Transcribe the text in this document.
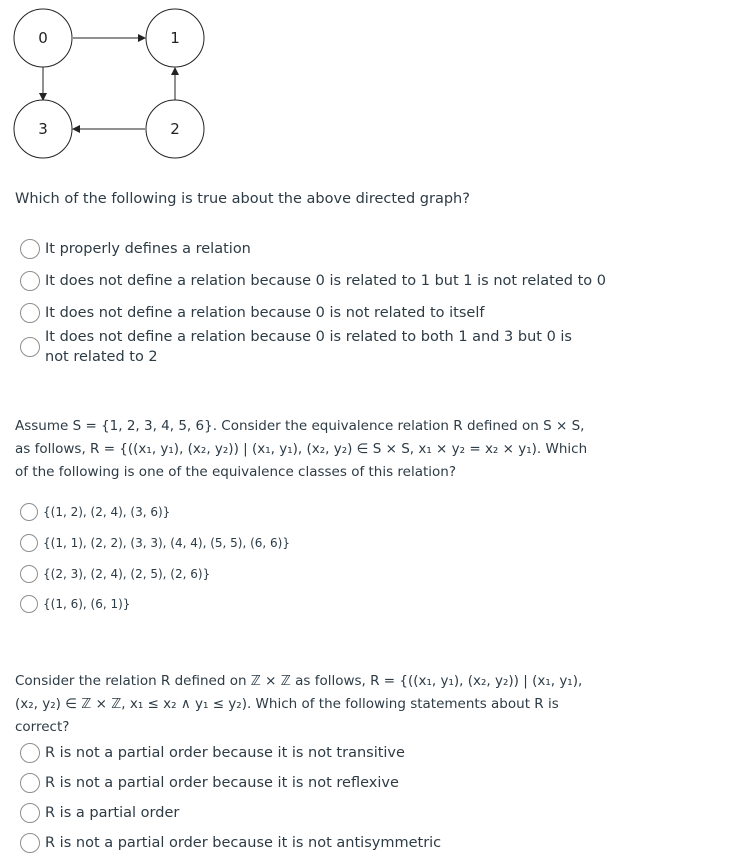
0	1
2
3
Which of the following is true about the above directed graph?
It properly defines a relation
It does not define a relation because 0 is related to 1 but 1 is not related to 0
It does not define a relation because 0 is not related to itself
It does not define a relation because 0 is related to both 1 and 3 but 0 is not related to 2
Assume S = {1, 2, 3, 4, 5, 6}. Consider the equivalence relation R defined on S × S, as follows, R = {((x₁, y₁), (x₂, y₂)) | (x₁, y₁), (x₂, y₂) ∈ S × S, x₁ × y₂ = x₂ × y₁). Which of the following is one of the equivalence classes of this relation?
{(1, 2), (2, 4), (3, 6)}
{(1, 1), (2, 2), (3, 3), (4, 4), (5, 5), (6, 6)}
{(2, 3), (2, 4), (2, 5), (2, 6)}
{(1, 6), (6, 1)}
Consider the relation R defined on ℤ × ℤ as follows, R = {((x₁, y₁), (x₂, y₂)) | (x₁, y₁), (x₂, y₂) ∈ ℤ × ℤ, x₁ ≤ x₂ ∧ y₁ ≤ y₂). Which of the following statements about R is correct?
R is not a partial order because it is not transitive
R is not a partial order because it is not reflexive
R is a partial order
R is not a partial order because it is not antisymmetric
